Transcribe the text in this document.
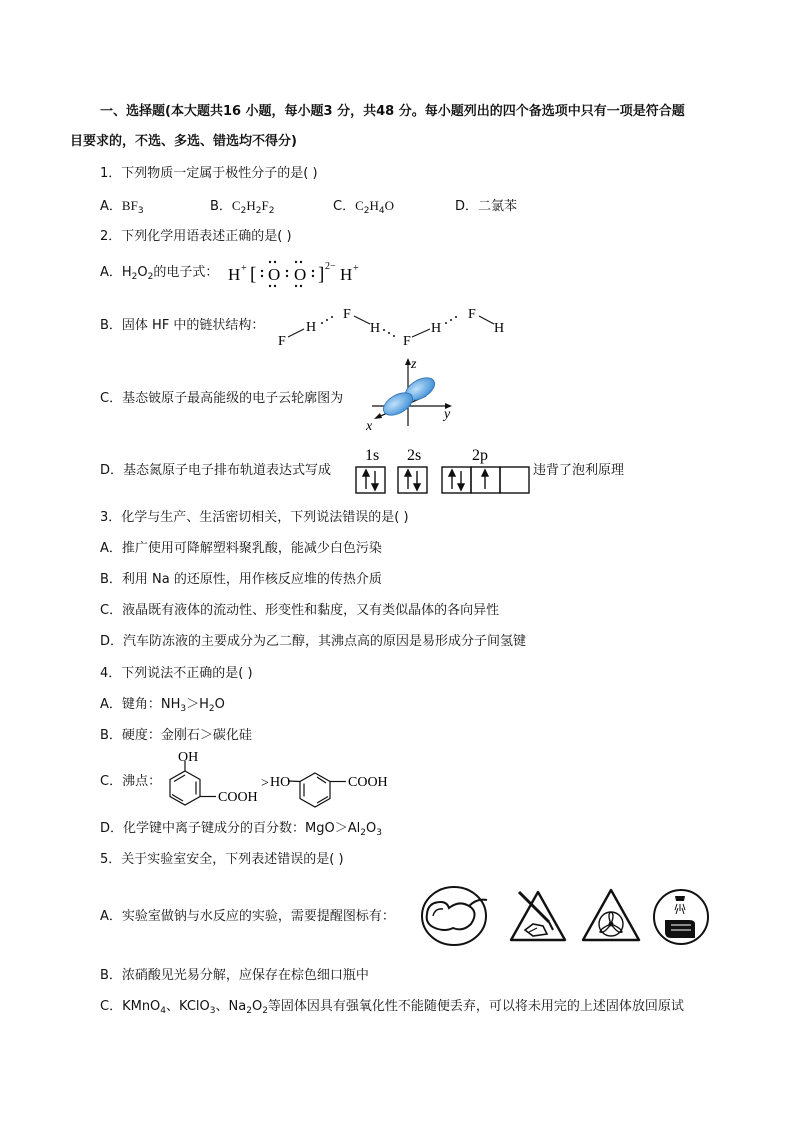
一、选择题(本大题共16 小题，每小题3 分，共48 分。每小题列出的四个备选项中只有一项是符合题
目要求的，不选、多选、错选均不得分)
1．下列物质一定属于极性分子的是( )
A．$BF_3$	B．$C_2H_2F_2$	C．$C_2H_4O$	D．二氯苯
2．下列化学用语表述正确的是( )
A．$H_2O_2$的电子式： H + [ O O ] 2− H +
B．固体 HF 中的链状结构：
F
H
F
H
F
H
F
H
C．基态铍原子最高能级的电子云轮廓图为
z
y
x
D．基态氮原子电子排布轨道表达式写成
1s 2s	2p
违背了泡利原理
3．化学与生产、生活密切相关，下列说法错误的是( )
A．推广使用可降解塑料聚乳酸，能减少白色污染
B．利用 Na 的还原性，用作核反应堆的传热介质
C．液晶既有液体的流动性、形变性和黏度，又有类似晶体的各向异性
D．汽车防冻液的主要成分为乙二醇，其沸点高的原因是易形成分子间氢键
4．下列说法不正确的是( )
A．键角：$NH_3>H_2O$
B．硬度：金刚石＞碳化硅
C．沸点：
OH
COOH
> HO	COOH
D．化学键中离子键成分的百分数：$MgO>Al_2O_3$
5．关于实验室安全，下列表述错误的是( )
A．实验室做钠与水反应的实验，需要提醒图标有：
B．浓硝酸见光易分解，应保存在棕色细口瓶中
C．KMnO$_4$、KClO$_3$、$Na_2O_2$等固体因具有强氧化性不能随便丢弃，可以将未用完的上述固体放回原试
